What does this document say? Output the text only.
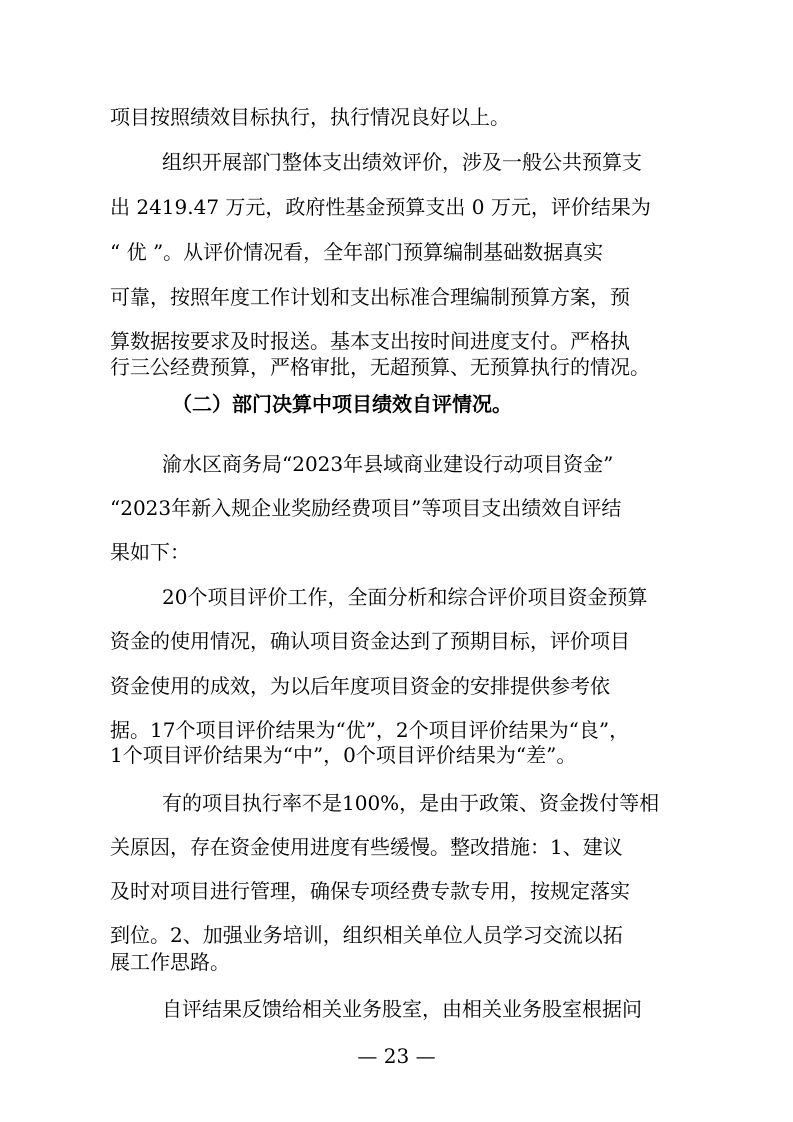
项目按照绩效目标执行，执行情况良好以上。
组织开展部门整体支出绩效评价，涉及一般公共预算支
出 2419.47 万元，政府性基金预算支出 0 万元，评价结果为
“ 优 ”。从评价情况看，全年部门预算编制基础数据真实
可靠，按照年度工作计划和支出标准合理编制预算方案，预
算数据按要求及时报送。基本支出按时间进度支付。严格执
行三公经费预算，严格审批，无超预算、无预算执行的情况。
（二）部门决算中项目绩效自评情况。
渝水区商务局“2023年县域商业建设行动项目资金”
“2023年新入规企业奖励经费项目”等项目支出绩效自评结
果如下：
20个项目评价工作，全面分析和综合评价项目资金预算
资金的使用情况，确认项目资金达到了预期目标，评价项目
资金使用的成效，为以后年度项目资金的安排提供参考依
据。17个项目评价结果为“优”，2个项目评价结果为“良”，
1个项目评价结果为“中”，0个项目评价结果为“差”。
有的项目执行率不是100%，是由于政策、资金拨付等相
关原因，存在资金使用进度有些缓慢。整改措施：1、建议
及时对项目进行管理，确保专项经费专款专用，按规定落实
到位。2、加强业务培训，组织相关单位人员学习交流以拓
展工作思路。
自评结果反馈给相关业务股室，由相关业务股室根据问
— 23 —
